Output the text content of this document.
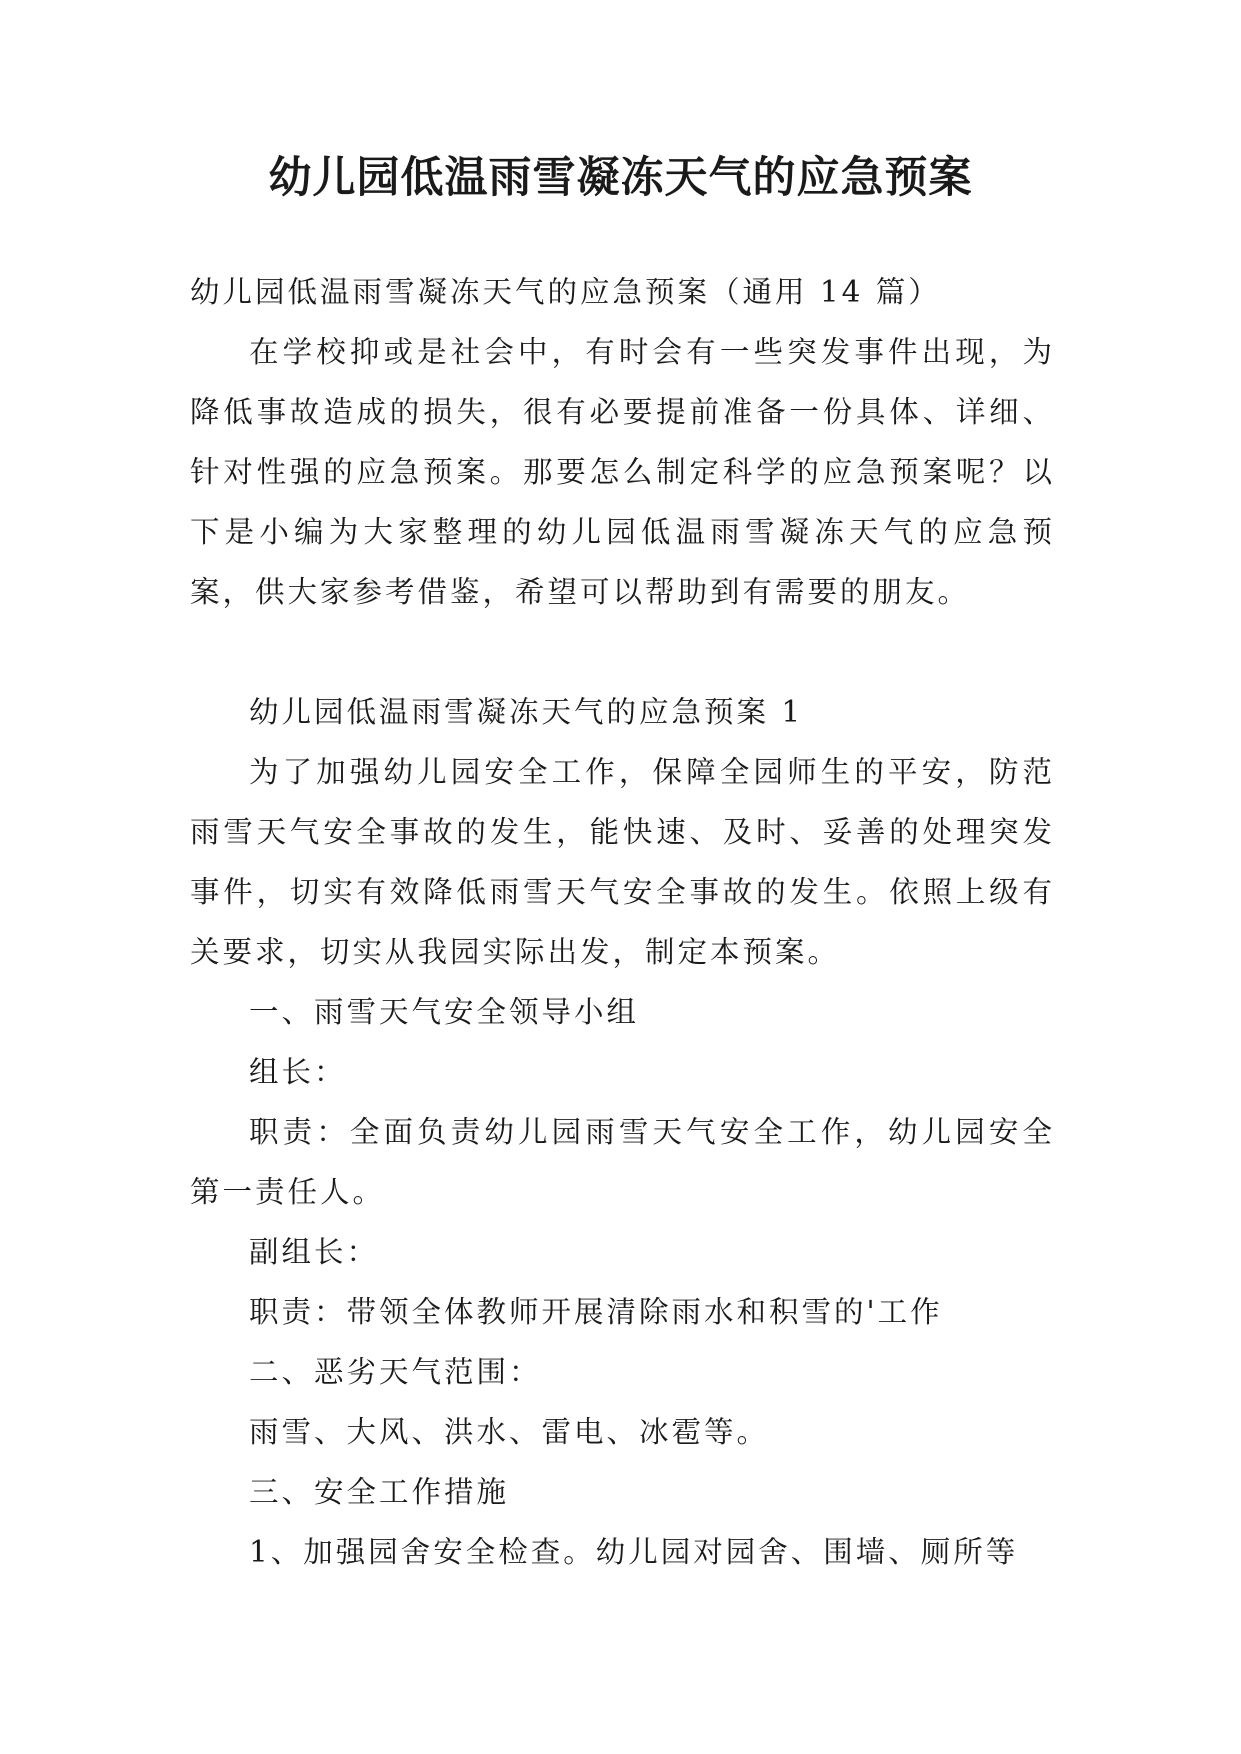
幼儿园低温雨雪凝冻天气的应急预案

幼儿园低温雨雪凝冻天气的应急预案（通用 14 篇）

在学校抑或是社会中，有时会有一些突发事件出现，为降低事故造成的损失，很有必要提前准备一份具体、详细、针对性强的应急预案。那要怎么制定科学的应急预案呢？以下是小编为大家整理的幼儿园低温雨雪凝冻天气的应急预案，供大家参考借鉴，希望可以帮助到有需要的朋友。

幼儿园低温雨雪凝冻天气的应急预案 1

为了加强幼儿园安全工作，保障全园师生的平安，防范雨雪天气安全事故的发生，能快速、及时、妥善的处理突发事件，切实有效降低雨雪天气安全事故的发生。依照上级有关要求，切实从我园实际出发，制定本预案。

一、雨雪天气安全领导小组

组长：

职责：全面负责幼儿园雨雪天气安全工作，幼儿园安全第一责任人。

副组长：

职责：带领全体教师开展清除雨水和积雪的'工作

二、恶劣天气范围：

雨雪、大风、洪水、雷电、冰雹等。

三、安全工作措施

1、加强园舍安全检查。幼儿园对园舍、围墙、厕所等
